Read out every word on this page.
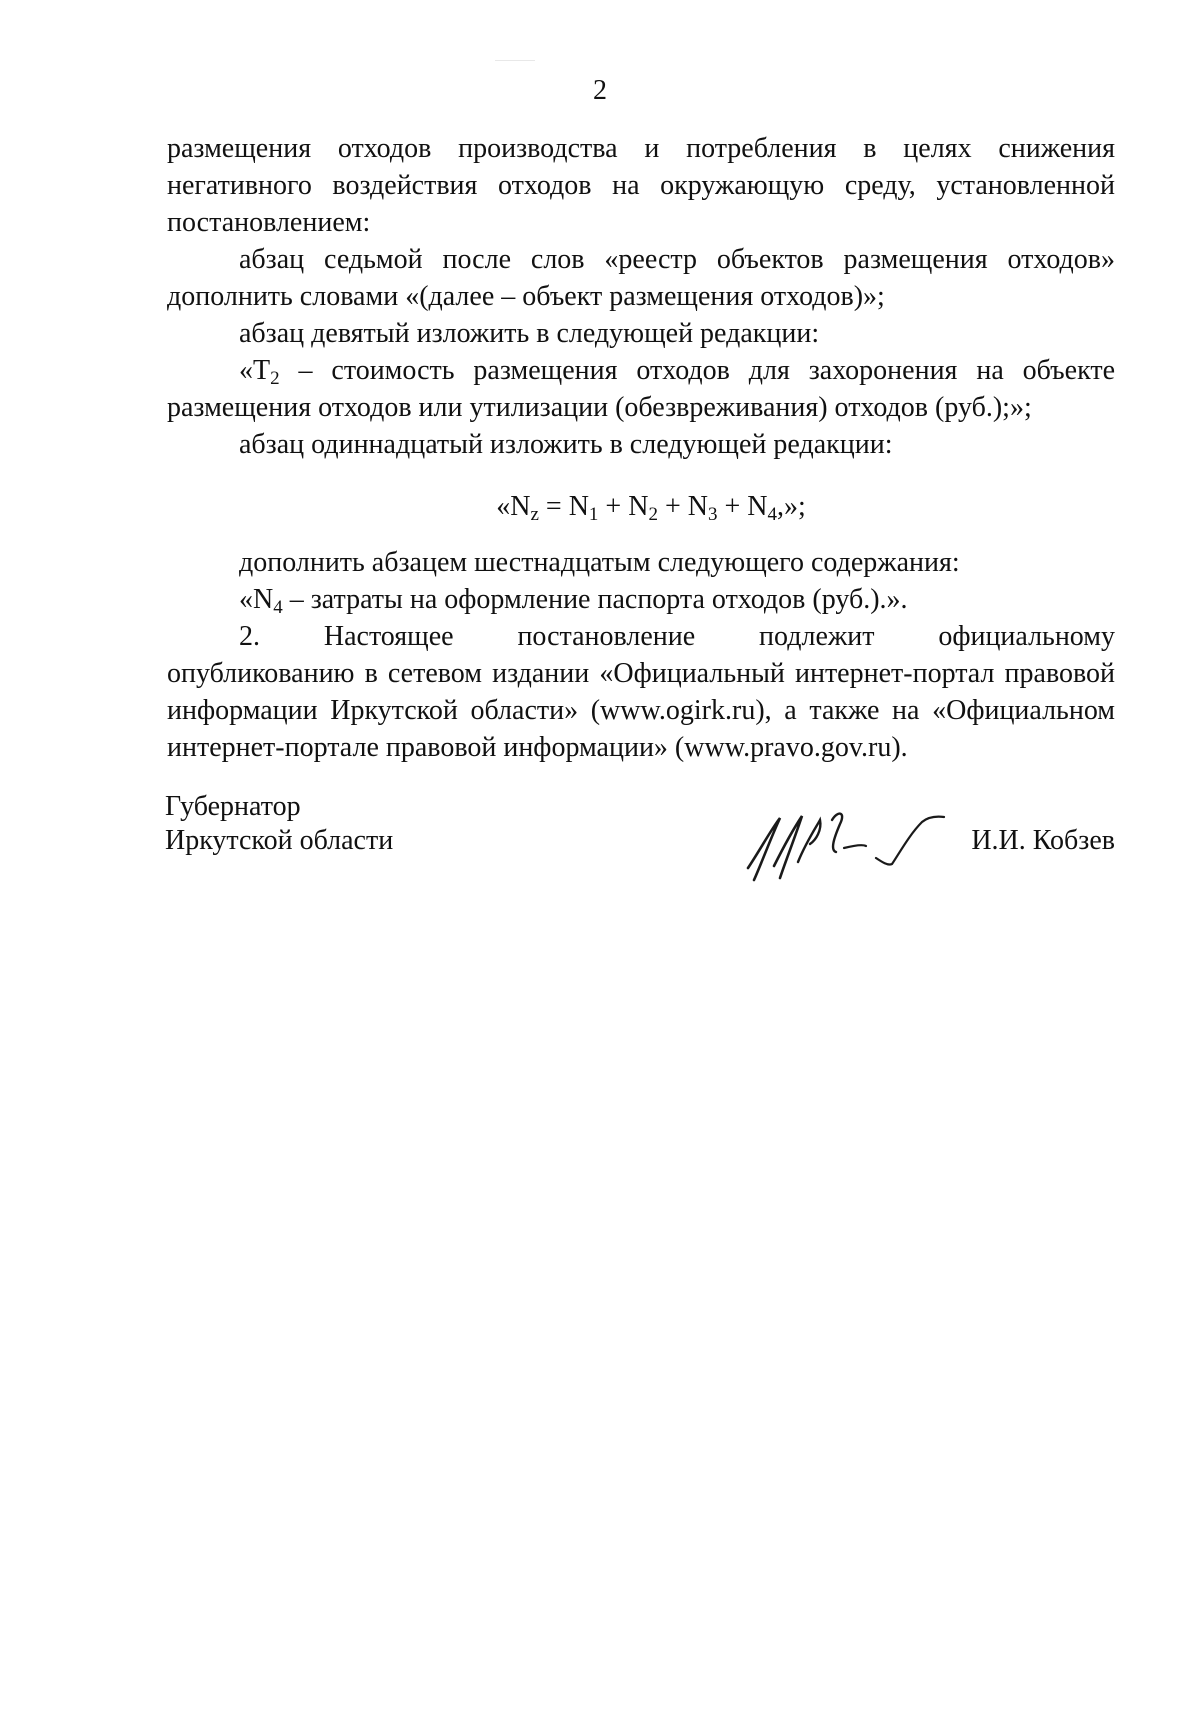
2

размещения отходов производства и потребления в целях снижения негативного воздействия отходов на окружающую среду, установленной постановлением:

абзац седьмой после слов «реестр объектов размещения отходов» дополнить словами «(далее – объект размещения отходов)»;

абзац девятый изложить в следующей редакции:

«$T_2$ – стоимость размещения отходов для захоронения на объекте размещения отходов или утилизации (обезвреживания) отходов (руб.);»;

абзац одиннадцатый изложить в следующей редакции:

«$N_z = N_1 + N_2 + N_3 + N_4$,»;

дополнить абзацем шестнадцатым следующего содержания:

«$N_4$ – затраты на оформление паспорта отходов (руб.).».

2.      Настоящее      постановление      подлежит      официальному

опубликованию в сетевом издании «Официальный интернет-портал правовой информации Иркутской области» (www.ogirk.ru), а также на «Официальном интернет-портале правовой информации» (www.pravo.gov.ru).

Губернатор
Иркутской области	И.И. Кобзев
